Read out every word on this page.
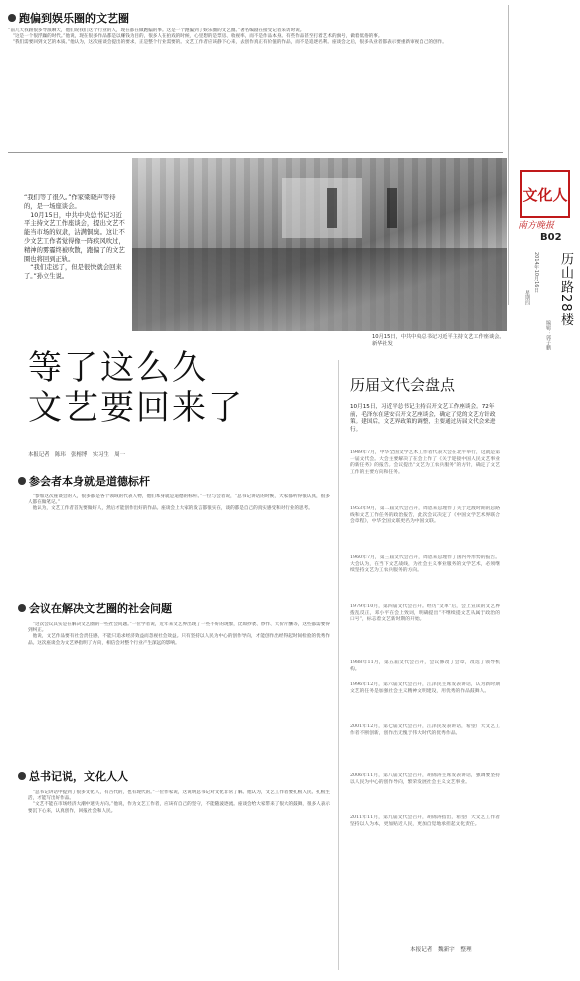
跑偏到娱乐圈的文艺圈
“前几天我跟很多导演聊天，他们说我们这个行业的人，现在都在做跑偏的事。这是一个跑偏到了娱乐圈的文艺圈。”著名编剧在接受记者采访时说。
　“这是一个很浮躁的时代。”他说，现在很多作品都是以赚钱为目的，很多人在拍戏的时候，心里想的是票房、收视率，而不是作品本身。有些作品甚至打着艺术的旗号，做着低俗的事。
　“我们需要回到文艺的本质。”他认为，这次座谈会提出的要求，正是整个行业需要的。文艺工作者应该静下心来，去创作真正有价值的作品，而不是追逐名利。座谈会之后，很多从业者都表示要重新审视自己的创作。
文化人
南方晚报
B02
历山路28楼
2014年10月16日
星期四
编辑：郭子鹏
“我们等了很久。”作家梁晓声等待的，是一场座谈会。
　10月15日，中共中央总书记习近平主持文艺工作座谈会，提出文艺不能当市场的奴隶，沾满铜臭。这让不少文艺工作者觉得像一阵疾风吹过，精神的雾霾终被吹散，跑偏了的文艺圈也将回到正轨。
　“我们走远了，但是很快就会回来了。”孙立生说。
10月15日，中共中央总书记习近平主持文艺工作座谈会。　新华社发
等了这么久
文艺要回来了
本报记者　陈玮　张榕博　实习生　周一
参会者本身就是道德标杆
　“参加这次座谈会的人，很多都是各个领域的代表人物，他们本身就是道德的标杆。”一位与会者说，“总书记讲话的时候，大家都听得很认真，很多人都在做笔记。”
　他认为，文艺工作者首先要做好人，然后才能创作出好的作品。座谈会上大家的发言都很实在，谈的都是自己的真实感受和对行业的思考。
会议在解决文艺圈的社会问题
　“这次会议其实是在解决文艺圈的一些社会问题。”一位学者说，近年来文艺界出现了一些不好的现象，比如抄袭、炒作、天价片酬等，这些都需要得到纠正。
　他说，文艺作品要有社会责任感，不能只追求经济效益而忽视社会效益。只有坚持以人民为中心的创作导向，才能创作出经得起时间检验的优秀作品。这次座谈会为文艺界指明了方向，相信会对整个行业产生深远的影响。
总书记说，文化人人
　“总书记讲话中提到了很多文化人，有古代的，也有现代的。”一位作家说，这说明总书记对文化非常了解。他认为，文艺工作者要扎根人民、扎根生活，才能写出好作品。
　“文艺不能在市场经济大潮中迷失方向。”他说，作为文艺工作者，应该有自己的坚守，不能随波逐流。座谈会给大家带来了很大的鼓舞，很多人表示要沉下心来，认真创作，回报社会和人民。
历届文代会盘点
10月15日，习近平总书记主持召开文艺工作座谈会。72年前，毛泽东在延安召开文艺座谈会，确定了党的文艺方针政策。建国后，文艺界政策的调整，主要通过历届文代会来进行。
1949年7月，中华全国文学艺术工作者代表大会在北平举行，这就是第一届文代会。大会主要解决了在会上作了《关于迎接中国人民文艺事业的新任务》的报告。会议提出“文艺为工农兵服务”的方针，确定了文艺工作的主要方向和任务。
1953年9月，第二届文代会召开，周恩来总理作了关于过渡时期的总路线和文艺工作任务的政治报告，此次会议决定了《中国文学艺术界联合会章程》，中华全国文联更名为中国文联。
1960年7月，第三届文代会召开，周恩来总理作了国内外形势的报告。大会认为，在当下文艺战线，为社会主义事业服务的文学艺术，必须继续坚持文艺为工农兵服务的方向。
1979年10月，第四届文代会召开。经历“文革”后，会上宣读的文艺界拨乱反正，邓小平在会上致词，明确提出“不继续提文艺从属于政治的口号”，标志着文艺新时期的开始。
1988年11月，第五届文代会召开，会议修改了会章，改选了领导机构。
1996年12月，第六届文代会召开，江泽民主席发表讲话，认为新时期文艺的任务是加强社会主义精神文明建设，用优秀的作品鼓舞人。
2001年12月，第七届文代会召开，江泽民发表讲话，希望广大文艺工作者不断创新，创作出无愧于伟大时代的优秀作品。
2006年11月，第八届文代会召开，胡锦涛主席发表讲话，强调要坚持以人民为中心的创作导向，繁荣发展社会主义文艺事业。
2011年11月，第九届文代会召开，胡锦涛指出，希望广大文艺工作者坚持以人为本，更加贴近人民，更加自觉地承担起文化责任。
本报记者　魏新宇　整理
